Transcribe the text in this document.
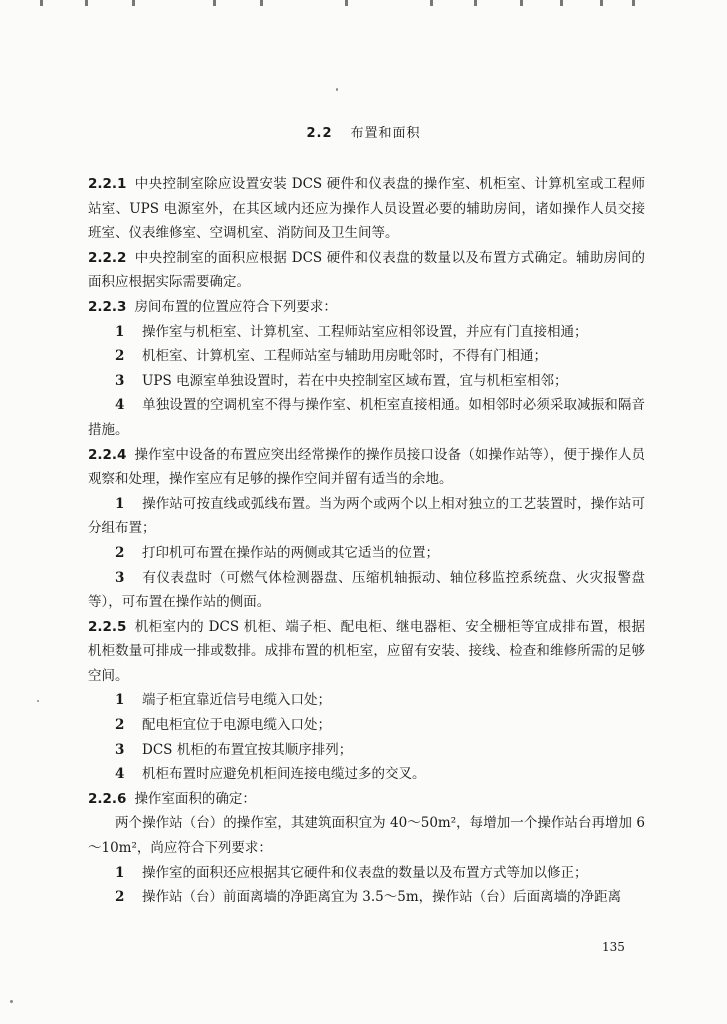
2.2 布置和面积

2.2.1 中央控制室除应设置安装 DCS 硬件和仪表盘的操作室、机柜室、计算机室或工程师站室、UPS 电源室外，在其区域内还应为操作人员设置必要的辅助房间，诸如操作人员交接班室、仪表维修室、空调机室、消防间及卫生间等。

2.2.2 中央控制室的面积应根据 DCS 硬件和仪表盘的数量以及布置方式确定。辅助房间的面积应根据实际需要确定。

2.2.3 房间布置的位置应符合下列要求：

1 操作室与机柜室、计算机室、工程师站室应相邻设置，并应有门直接相通；

2 机柜室、计算机室、工程师站室与辅助用房毗邻时，不得有门相通；

3 UPS 电源室单独设置时，若在中央控制室区域布置，宜与机柜室相邻；

4 单独设置的空调机室不得与操作室、机柜室直接相通。如相邻时必须采取减振和隔音措施。

2.2.4 操作室中设备的布置应突出经常操作的操作员接口设备（如操作站等），便于操作人员观察和处理，操作室应有足够的操作空间并留有适当的余地。

1 操作站可按直线或弧线布置。当为两个或两个以上相对独立的工艺装置时，操作站可分组布置；

2 打印机可布置在操作站的两侧或其它适当的位置；

3 有仪表盘时（可燃气体检测器盘、压缩机轴振动、轴位移监控系统盘、火灾报警盘等），可布置在操作站的侧面。

2.2.5 机柜室内的 DCS 机柜、端子柜、配电柜、继电器柜、安全栅柜等宜成排布置，根据机柜数量可排成一排或数排。成排布置的机柜室，应留有安装、接线、检查和维修所需的足够空间。

1 端子柜宜靠近信号电缆入口处；

2 配电柜宜位于电源电缆入口处；

3 DCS 机柜的布置宜按其顺序排列；

4 机柜布置时应避免机柜间连接电缆过多的交叉。

2.2.6 操作室面积的确定：

两个操作站（台）的操作室，其建筑面积宜为 40～50m²，每增加一个操作站台再增加 6～10m²，尚应符合下列要求：

1 操作室的面积还应根据其它硬件和仪表盘的数量以及布置方式等加以修正；

2 操作站（台）前面离墙的净距离宜为 3.5～5m，操作站（台）后面离墙的净距离

135
